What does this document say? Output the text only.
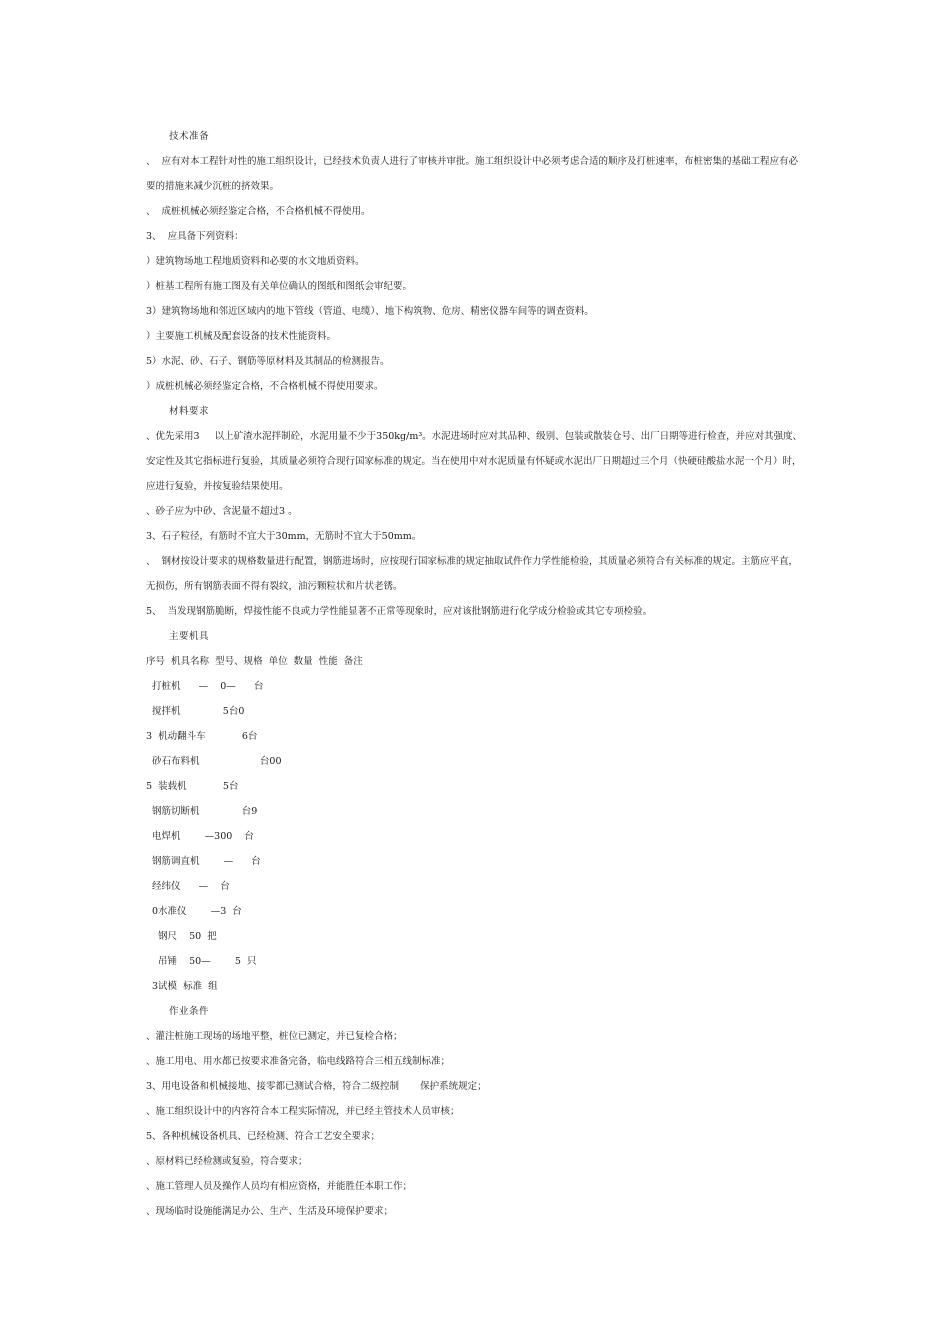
技术准备
、  应有对本工程针对性的施工组织设计，已经技术负责人进行了审核并审批。施工组织设计中必须考虑合适的顺序及打桩速率，布桩密集的基础工程应有必
要的措施来减少沉桩的挤效果。
、  成桩机械必须经鉴定合格，不合格机械不得使用。
3、  应具备下列资料：
）建筑物场地工程地质资料和必要的水文地质资料。
）桩基工程所有施工图及有关单位确认的图纸和图纸会审纪要。
3）建筑物场地和邻近区域内的地下管线（管道、电缆）、地下构筑物、危房、精密仪器车间等的调查资料。
）主要施工机械及配套设备的技术性能资料。
5）水泥、砂、石子、钢筋等原材料及其制品的检测报告。
）成桩机械必须经鉴定合格，不合格机械不得使用要求。
材料要求
、优先采用3     以上矿渣水泥拌制砼，水泥用量不少于350kg/m³。水泥进场时应对其品种、级别、包装或散装仓号、出厂日期等进行检查，并应对其强度、
安定性及其它指标进行复验，其质量必须符合现行国家标准的规定。当在使用中对水泥质量有怀疑或水泥出厂日期超过三个月（快硬硅酸盐水泥一个月）时，
应进行复验，并按复验结果使用。
、砂子应为中砂、含泥量不超过3 。
3、石子粒径，有筋时不宜大于30mm，无筋时不宜大于50mm。
、  钢材按设计要求的规格数量进行配置，钢筋进场时，应按现行国家标准的规定抽取试件作力学性能检验，其质量必须符合有关标准的规定。主筋应平直，
无损伤，所有钢筋表面不得有裂纹，油污颗粒状和片状老锈。
5、  当发现钢筋脆断，焊接性能不良或力学性能显著不正常等现象时，应对该批钢筋进行化学成分检验或其它专项检验。
主要机具
序号  机具名称  型号、规格  单位  数量  性能  备注
打桩机      —    0—      台
搅拌机              5台0
3  机动翻斗车            6台
砂石布料机                    台00
5  装载机            5台
钢筋切断机              台9
电焊机        —300    台
钢筋调直机        —      台
经纬仪      —    台
0水准仪        —3  台
钢尺    50  把
吊锤    50—        5  只
3试模  标准  组
作业条件
、灌注桩施工现场的场地平整，桩位已测定，并已复检合格；
、施工用电、用水都已按要求准备完备，临电线路符合三相五线制标准；
3、用电设备和机械接地、接零都已测试合格，符合二级控制       保护系统规定；
、施工组织设计中的内容符合本工程实际情况，并已经主管技术人员审核；
5、各种机械设备机具、已经检测、符合工艺安全要求；
、原材料已经检测或复验，符合要求；
、施工管理人员及操作人员均有相应资格，并能胜任本职工作；
、现场临时设施能满足办公、生产、生活及环境保护要求；
